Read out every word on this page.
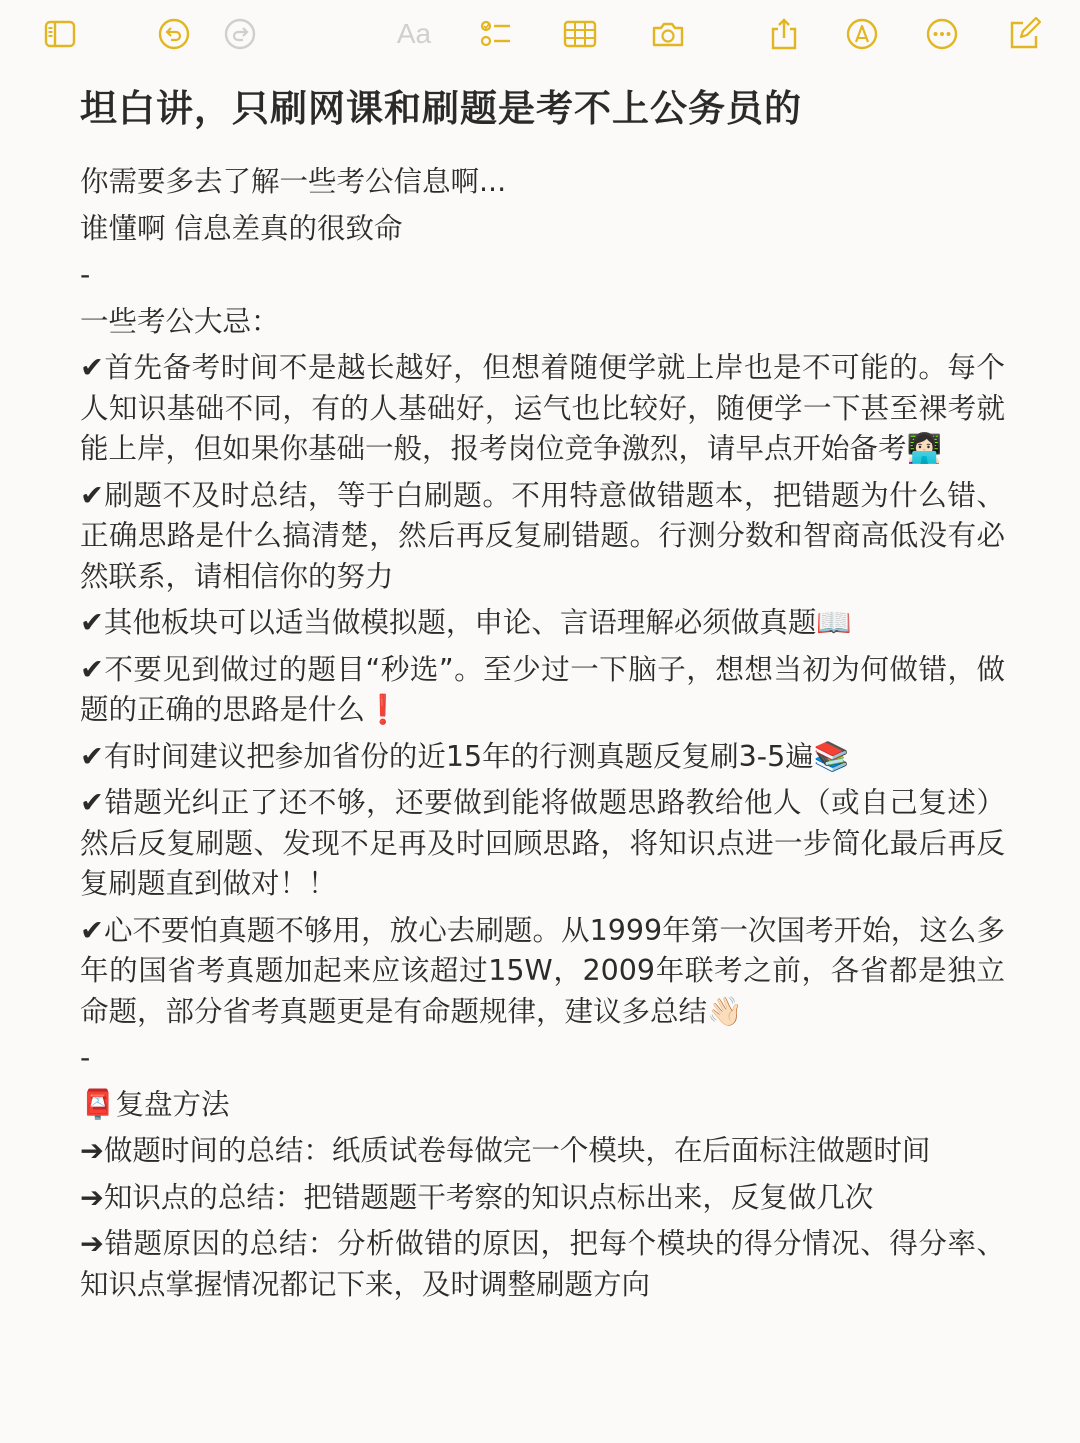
Aa
坦白讲，只刷网课和刷题是考不上公务员的
你需要多去了解一些考公信息啊...
谁懂啊 信息差真的很致命
-
一些考公大忌：
✔首先备考时间不是越长越好，但想着随便学就上岸也是不可能的。每个人知识基础不同，有的人基础好，运气也比较好，随便学一下甚至裸考就能上岸，但如果你基础一般，报考岗位竞争激烈，请早点开始备考👩🏻‍💻
✔刷题不及时总结，等于白刷题。不用特意做错题本，把错题为什么错、正确思路是什么搞清楚，然后再反复刷错题。行测分数和智商高低没有必然联系，请相信你的努力
✔其他板块可以适当做模拟题，申论、言语理解必须做真题📖
✔不要见到做过的题目“秒选”。至少过一下脑子，想想当初为何做错，做题的正确的思路是什么❗
✔有时间建议把参加省份的近15年的行测真题反复刷3-5遍📚
✔错题光纠正了还不够，还要做到能将做题思路教给他人（或自己复述）然后反复刷题、发现不足再及时回顾思路，将知识点进一步简化最后再反复刷题直到做对！！
✔心不要怕真题不够用，放心去刷题。从1999年第一次国考开始，这么多年的国省考真题加起来应该超过15W，2009年联考之前，各省都是独立命题，部分省考真题更是有命题规律，建议多总结👋🏻
-
📮复盘方法
➔做题时间的总结：纸质试卷每做完一个模块，在后面标注做题时间
➔知识点的总结：把错题题干考察的知识点标出来，反复做几次
➔错题原因的总结：分析做错的原因，把每个模块的得分情况、得分率、知识点掌握情况都记下来，及时调整刷题方向
